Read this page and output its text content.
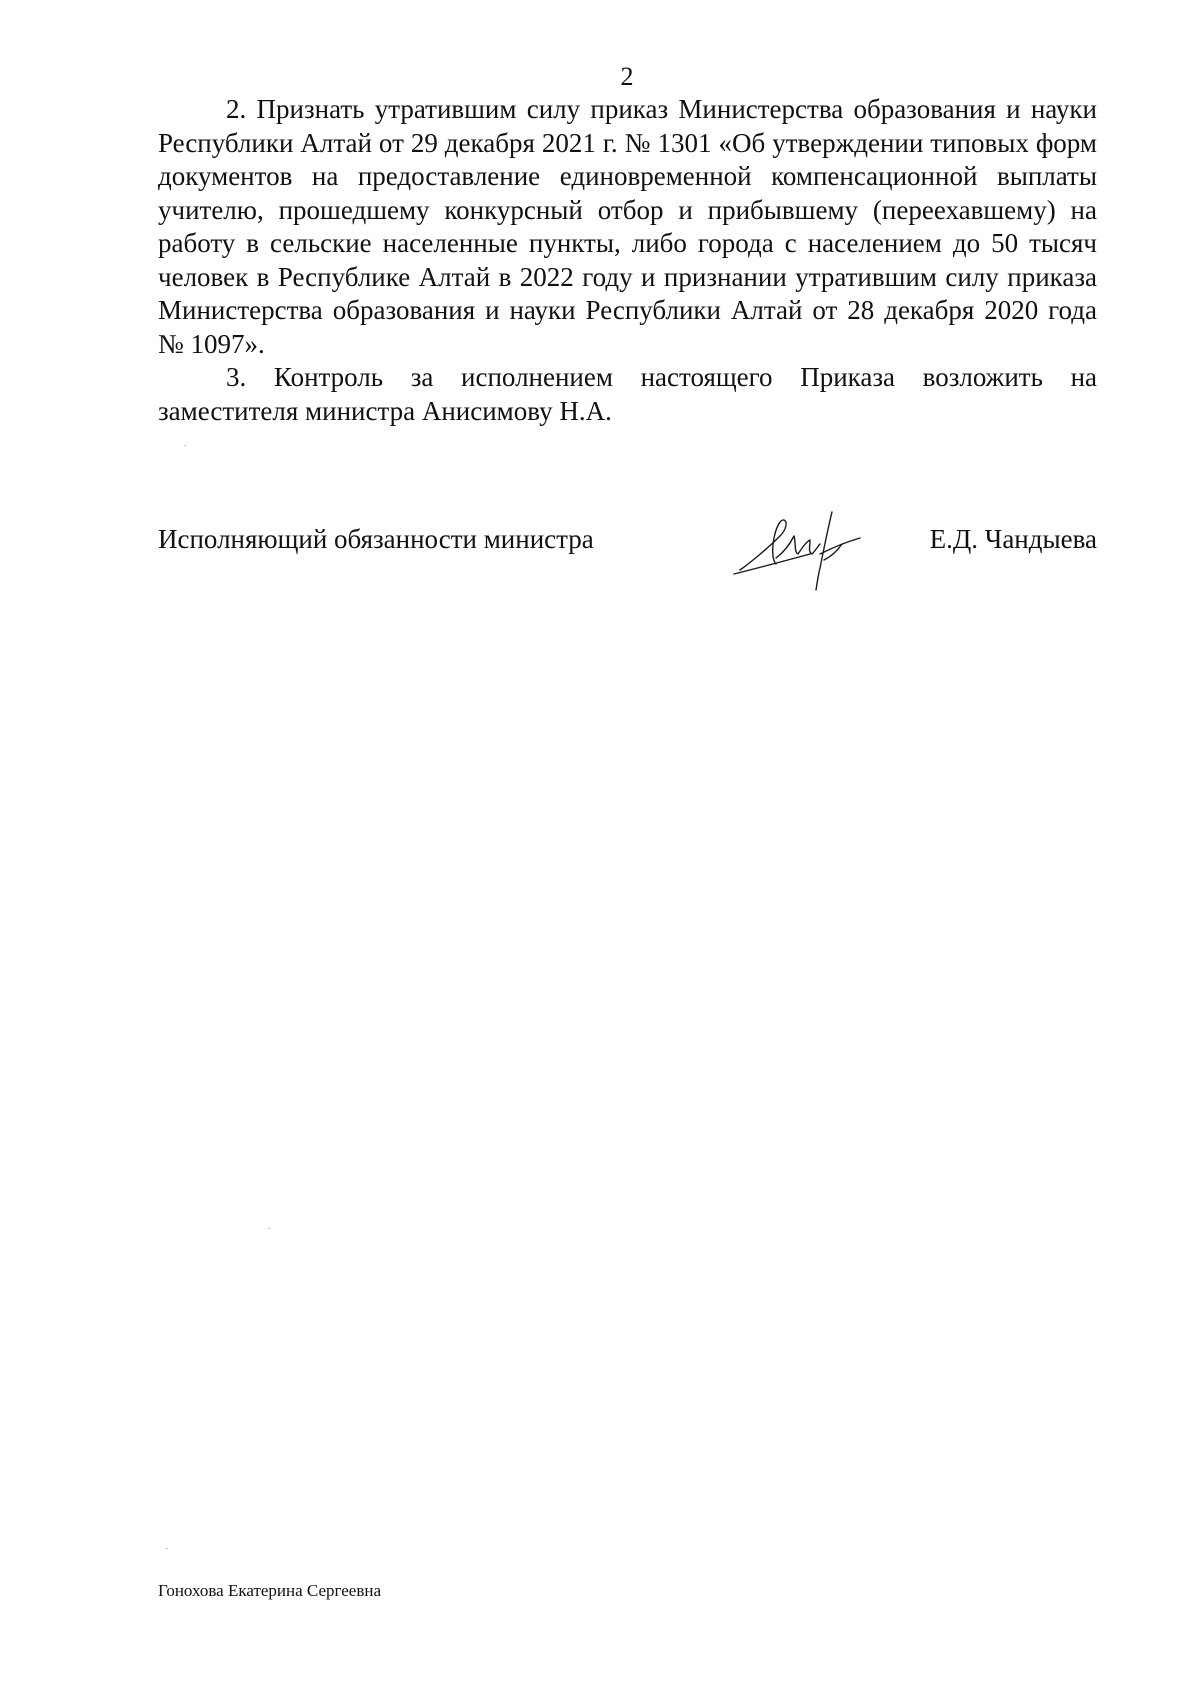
2

2. Признать утратившим силу приказ Министерства образования и науки Республики Алтай от 29 декабря 2021 г. № 1301 «Об утверждении типовых форм документов на предоставление единовременной компенсационной выплаты учителю, прошедшему конкурсный отбор и прибывшему (переехавшему) на работу в сельские населенные пункты, либо города с населением до 50 тысяч человек в Республике Алтай в 2022 году и признании утратившим силу приказа Министерства образования и науки Республики Алтай от 28 декабря 2020 года № 1097».

3. Контроль за исполнением настоящего Приказа возложить на заместителя министра Анисимову Н.А.

Исполняющий обязанности министра	Е.Д. Чандыева
Гонохова Екатерина Сергеевна
